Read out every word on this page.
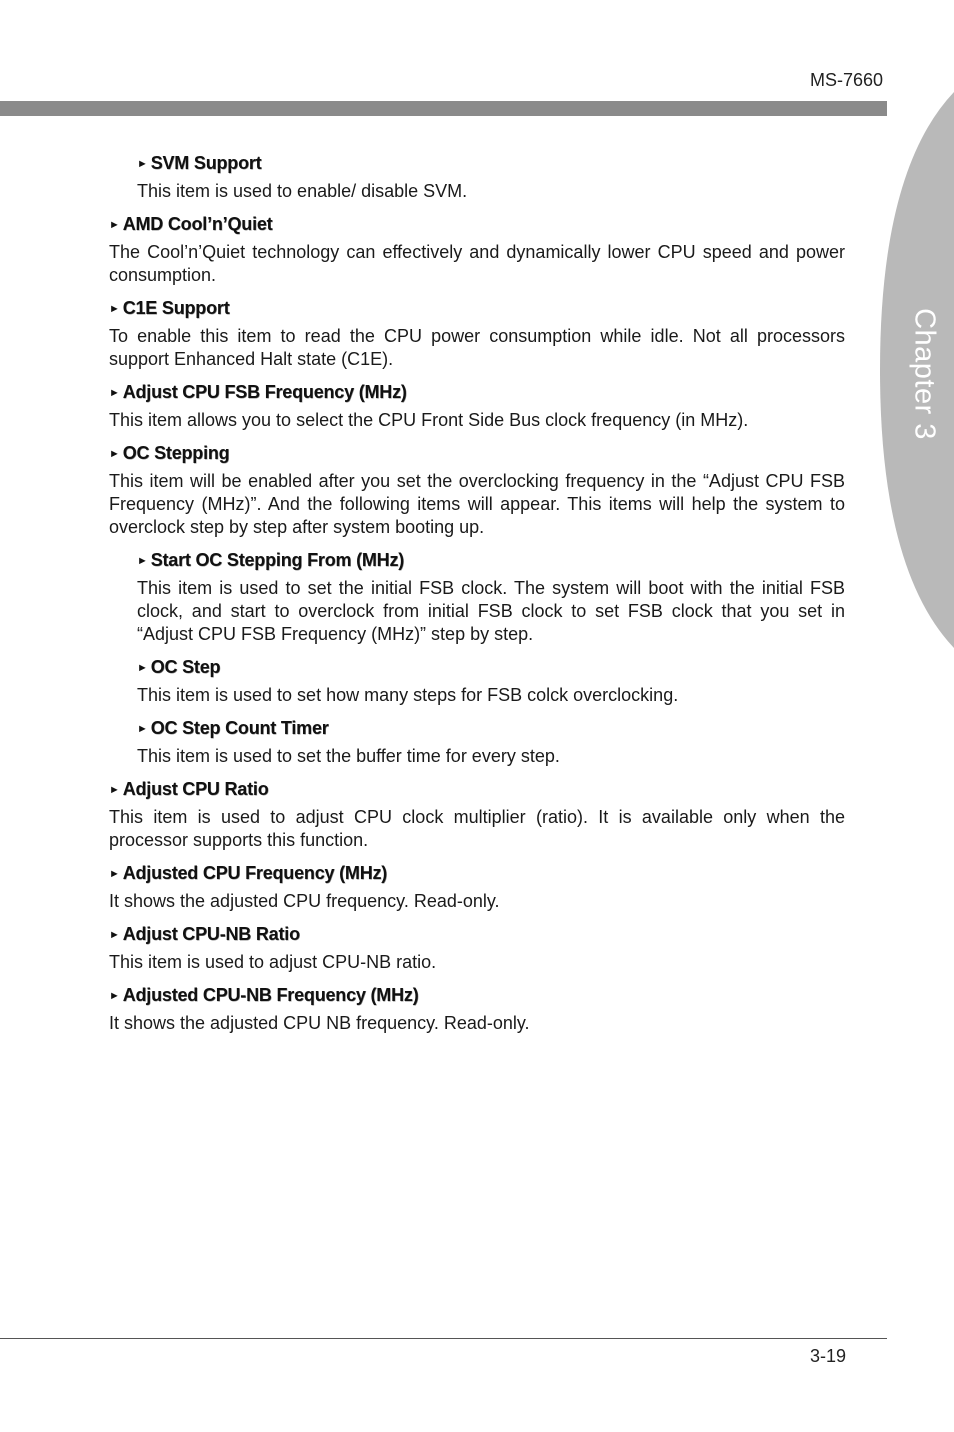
MS-7660
Chapter 3
► SVM Support

This item is used to enable/ disable SVM.

► AMD Cool’n’Quiet

The Cool’n’Quiet technology can effectively and dynamically lower CPU speed and power consumption.

► C1E Support

To enable this item to read the CPU power consumption while idle. Not all processors support Enhanced Halt state (C1E).

► Adjust CPU FSB Frequency (MHz)

This item allows you to select the CPU Front Side Bus clock frequency (in MHz).

► OC Stepping

This item will be enabled after you set the overclocking frequency in the “Adjust CPU FSB Frequency (MHz)”. And the following items will appear. This items will help the system to overclock step by step after system booting up.

► Start OC Stepping From (MHz)

This item is used to set the initial FSB clock. The system will boot with the initial FSB clock, and start to overclock from initial FSB clock to set FSB clock that you set in “Adjust CPU FSB Frequency (MHz)” step by step.

► OC Step

This item is used to set how many steps for FSB colck overclocking.

► OC Step Count Timer

This item is used to set the buffer time for every step.

► Adjust CPU Ratio

This item is used to adjust CPU clock multiplier (ratio). It is available only when the processor supports this function.

► Adjusted CPU Frequency (MHz)

It shows the adjusted CPU frequency. Read-only.

► Adjust CPU-NB Ratio

This item is used to adjust CPU-NB ratio.

► Adjusted CPU-NB Frequency (MHz)

It shows the adjusted CPU NB frequency. Read-only.

3-19
